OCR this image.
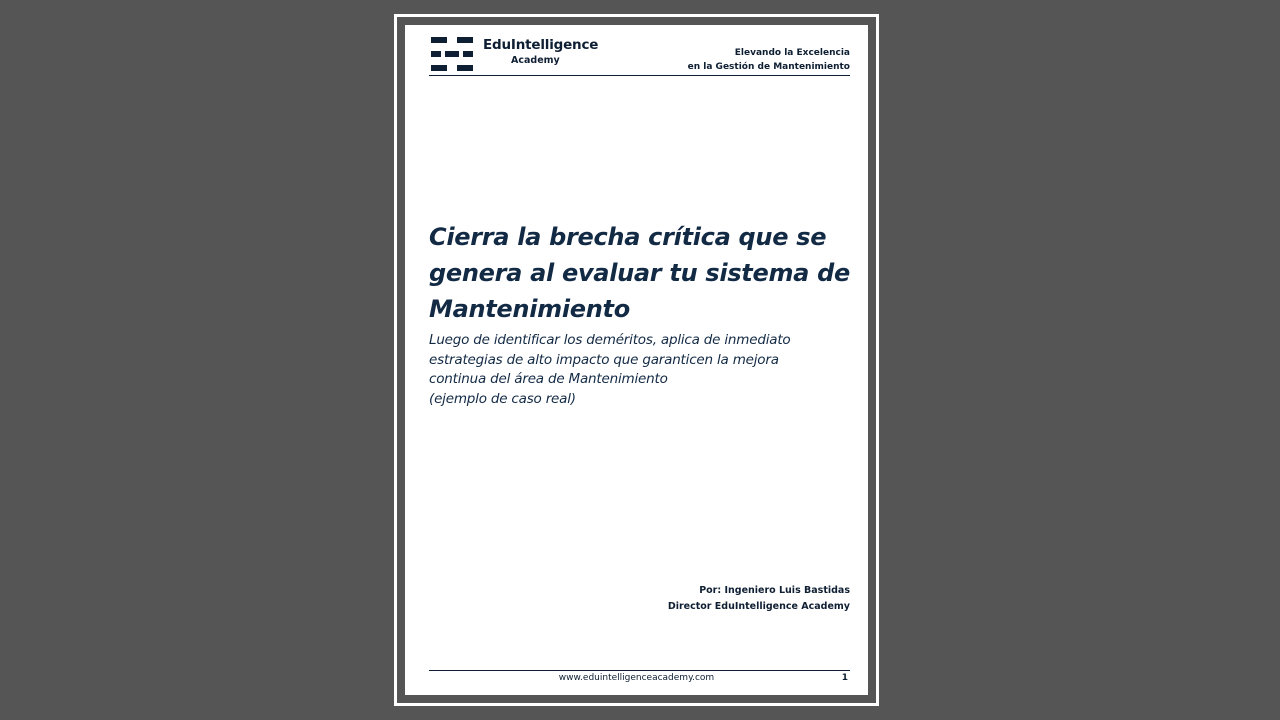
EduIntelligence
Academy
Elevando la Excelencia
en la Gestión de Mantenimiento
Cierra la brecha crítica que se genera al evaluar tu sistema de Mantenimiento
Luego de identificar los deméritos, aplica de inmediato
estrategias de alto impacto que garanticen la mejora
continua del área de Mantenimiento
(ejemplo de caso real)
Por: Ingeniero Luis Bastidas
Director EduIntelligence Academy
www.eduintelligenceacademy.com	1
